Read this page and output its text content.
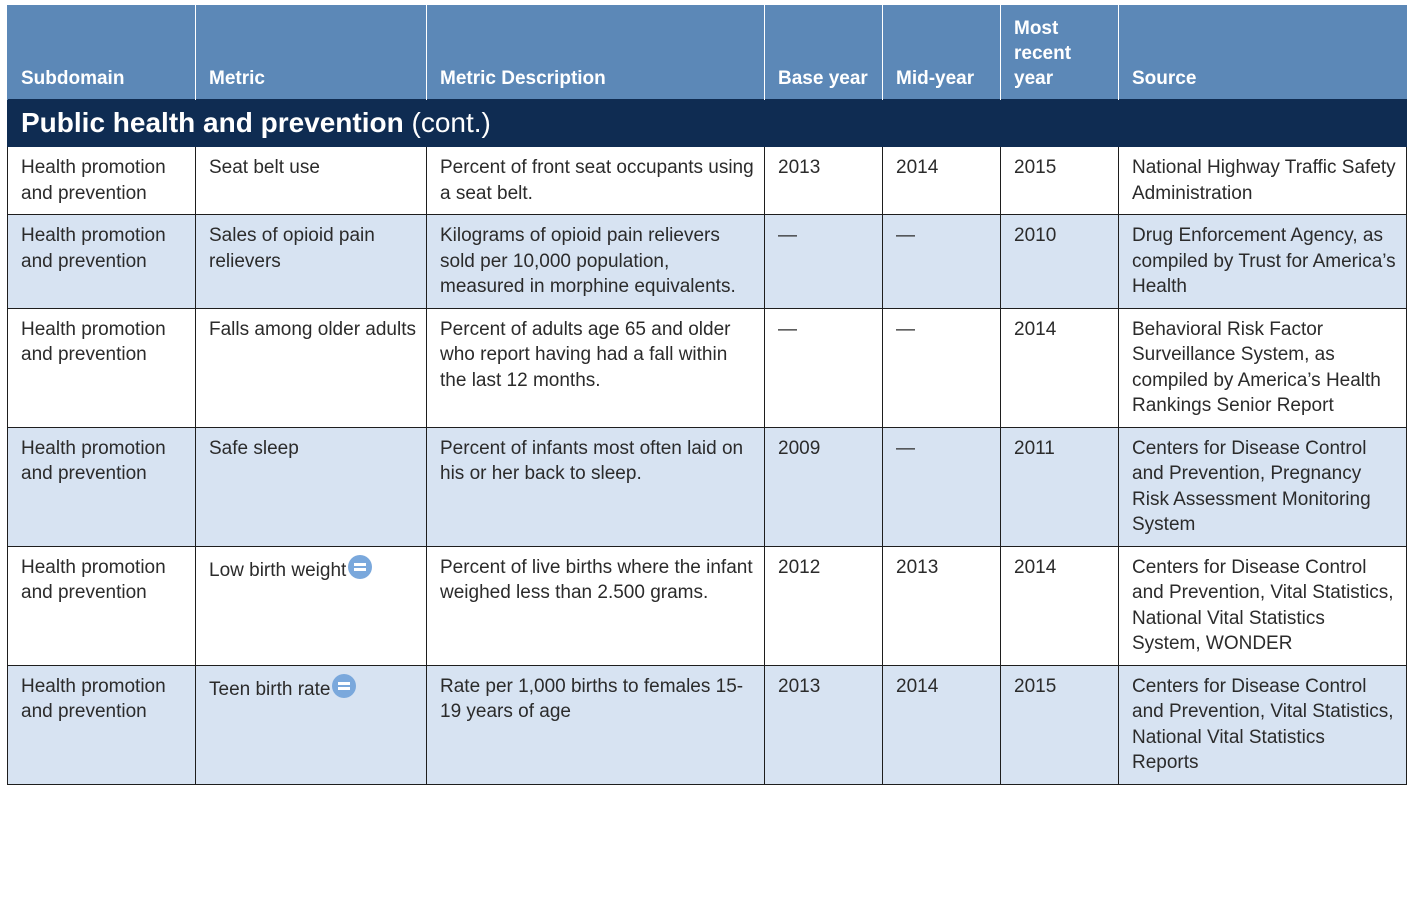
Subdomain	Metric	Metric Description	Base year	Mid-year	Most recent year	Source
Public health and prevention (cont.)						
Health promotion and prevention	Seat belt use	Percent of front seat occupants using a seat belt.	2013	2014	2015	National Highway Traffic Safety Administration
Health promotion and prevention	Sales of opioid pain relievers	Kilograms of opioid pain relievers sold per 10,000 population, measured in morphine equivalents.	—	—	2010	Drug Enforcement Agency, as compiled by Trust for America’s Health
Health promotion and prevention	Falls among older adults	Percent of adults age 65 and older who report having had a fall within the last 12 months.	—	—	2014	Behavioral Risk Factor Surveillance System, as compiled by America’s Health Rankings Senior Report
Health promotion and prevention	Safe sleep	Percent of infants most often laid on his or her back to sleep.	2009	—	2011	Centers for Disease Control and Prevention, Pregnancy Risk Assessment Monitoring System
Health promotion and prevention	Low birth weight	Percent of live births where the infant weighed less than 2.500 grams.	2012	2013	2014	Centers for Disease Control and Prevention, Vital Statistics, National Vital Statistics System, WONDER
Health promotion and prevention	Teen birth rate	Rate per 1,000 births to females 15-19 years of age	2013	2014	2015	Centers for Disease Control and Prevention, Vital Statistics, National Vital Statistics Reports
